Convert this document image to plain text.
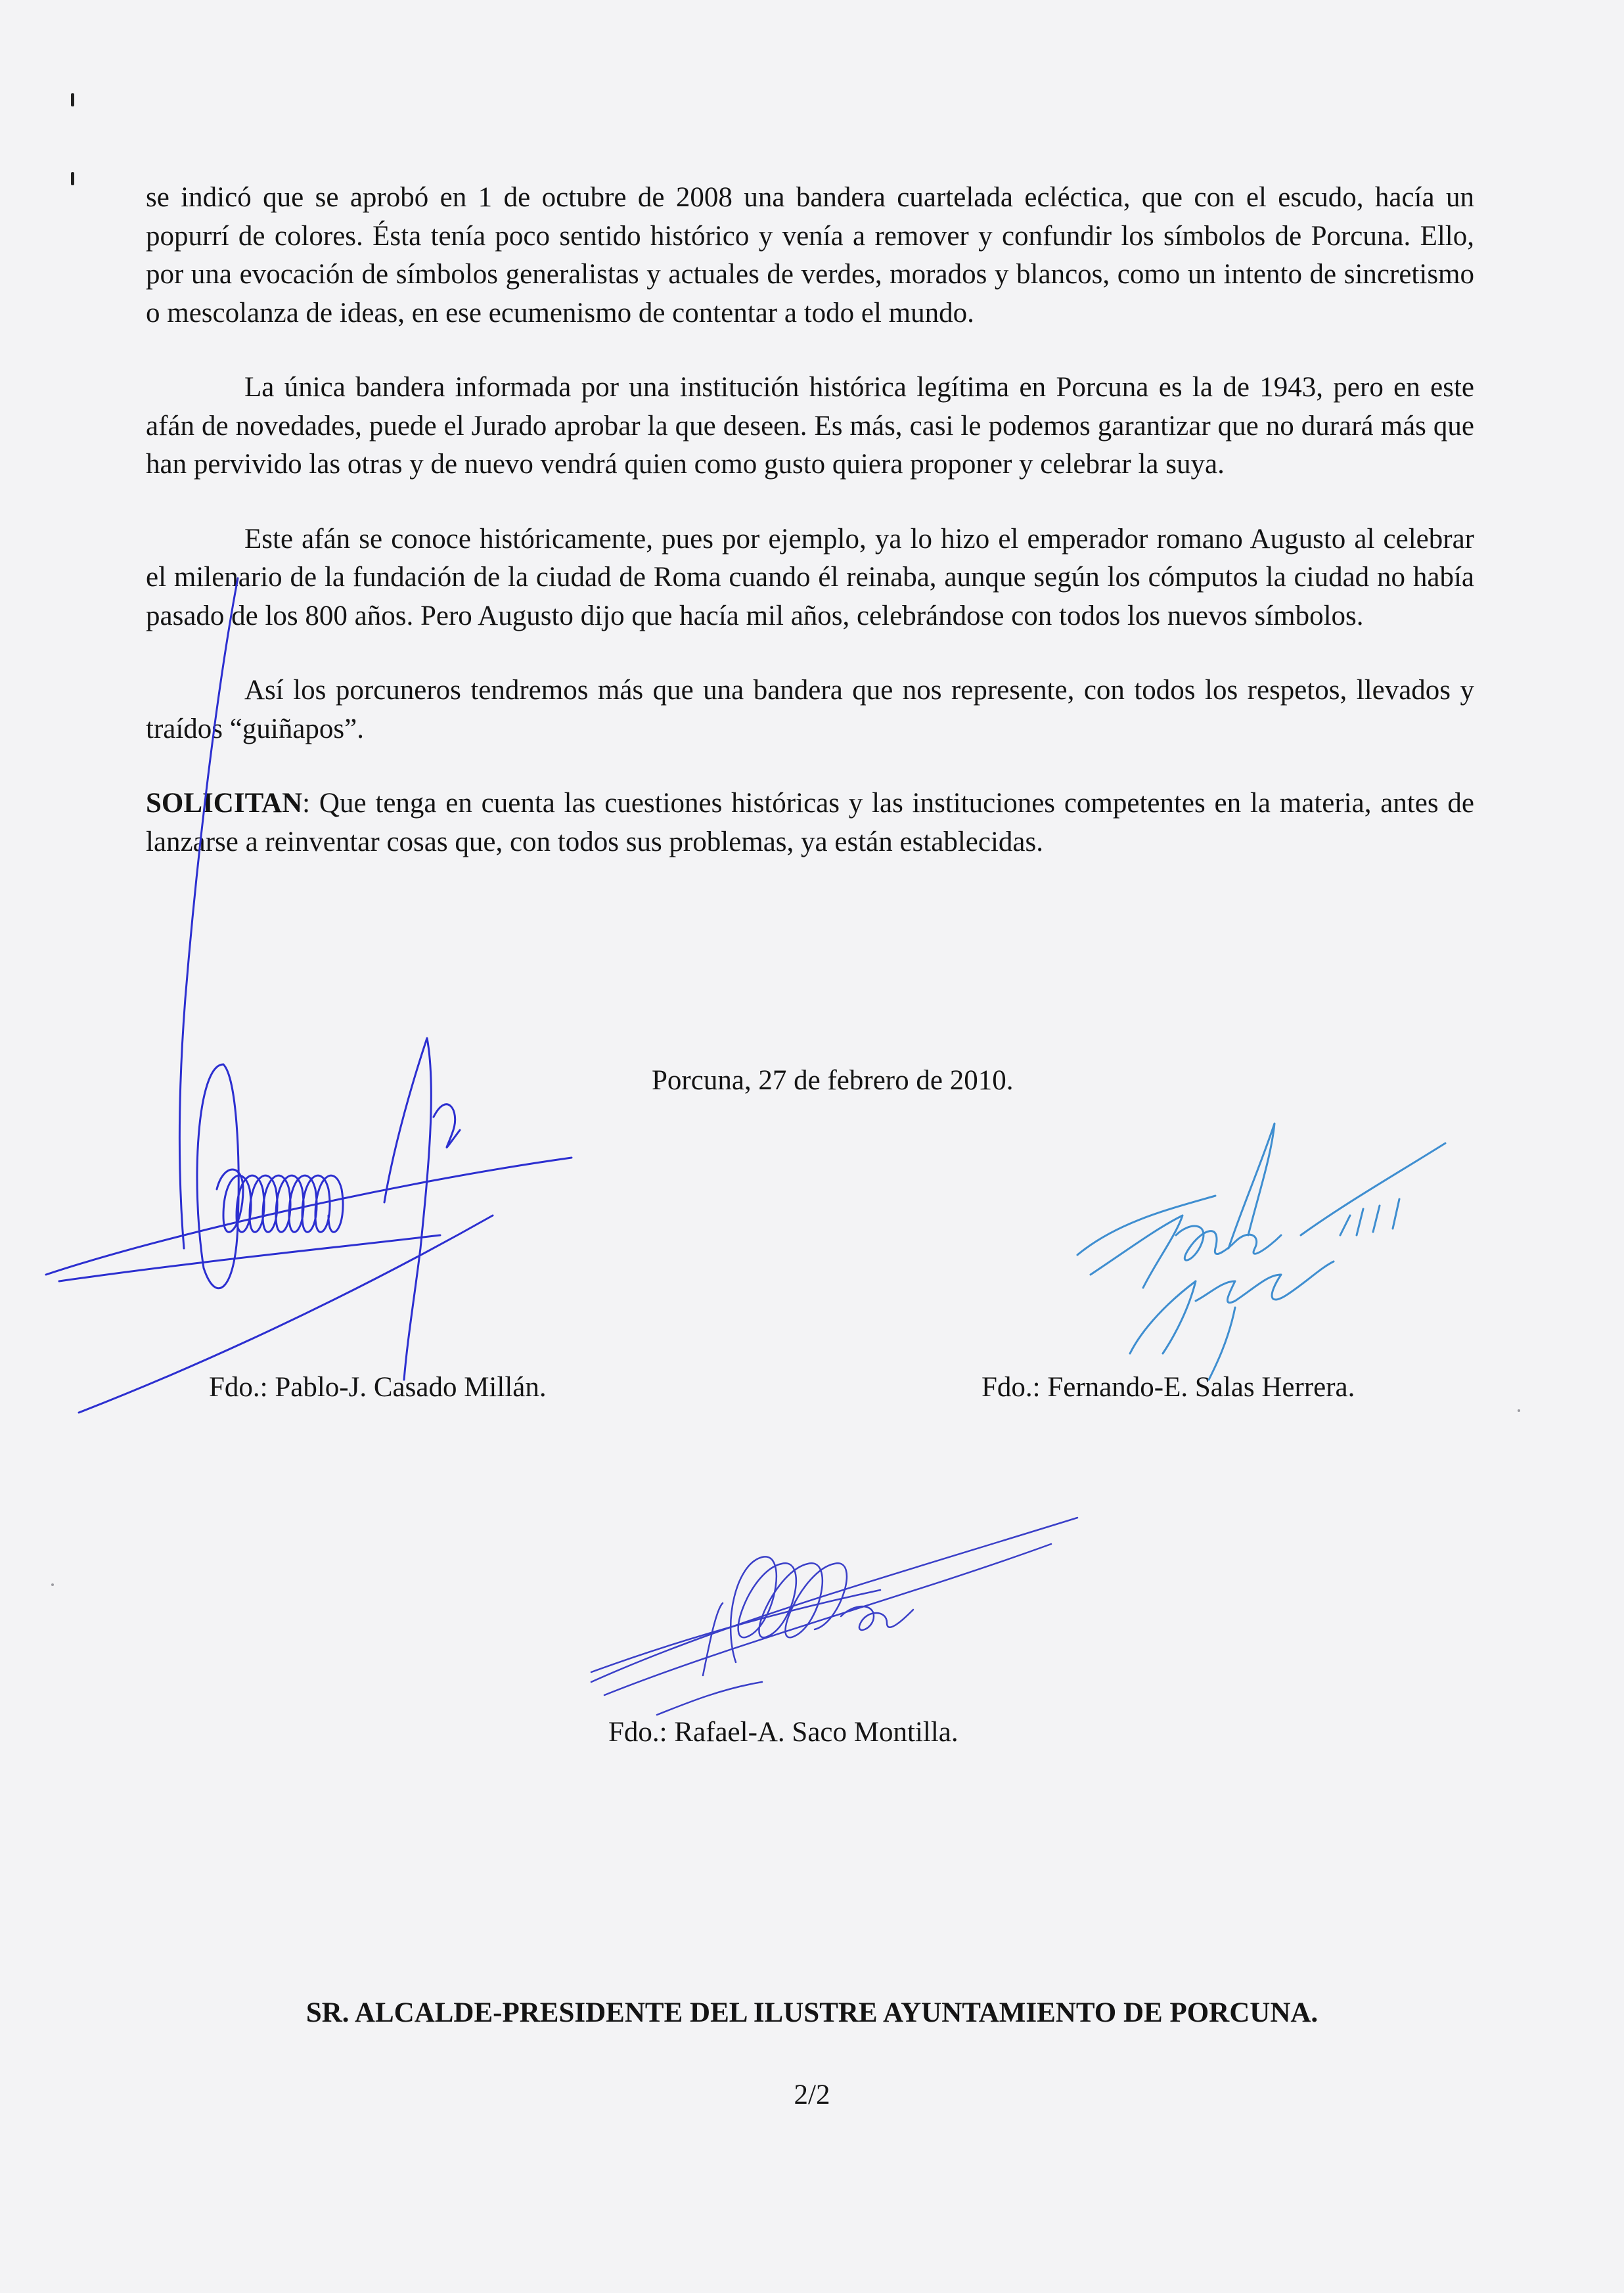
se indicó que se aprobó en 1 de octubre de 2008 una bandera cuartelada ecléctica, que con el escudo, hacía un popurrí de colores. Ésta tenía poco sentido histórico y venía a remover y confundir los símbolos de Porcuna. Ello, por una evocación de símbolos generalistas y actuales de verdes, morados y blancos, como un intento de sincretismo o mescolanza de ideas, en ese ecumenismo de contentar a todo el mundo.

La única bandera informada por una institución histórica legítima en Porcuna es la de 1943, pero en este afán de novedades, puede el Jurado aprobar la que deseen. Es más, casi le podemos garantizar que no durará más que han pervivido las otras y de nuevo vendrá quien como gusto quiera proponer y celebrar la suya.

Este afán se conoce históricamente, pues por ejemplo, ya lo hizo el emperador romano Augusto al celebrar el milenario de la fundación de la ciudad de Roma cuando él reinaba, aunque según los cómputos la ciudad no había pasado de los 800 años. Pero Augusto dijo que hacía mil años, celebrándose con todos los nuevos símbolos.

Así los porcuneros tendremos más que una bandera que nos represente, con todos los respetos, llevados y traídos “guiñapos”.

SOLICITAN: Que tenga en cuenta las cuestiones históricas y las instituciones competentes en la materia, antes de lanzarse a reinventar cosas que, con todos sus problemas, ya están establecidas.

Porcuna, 27 de febrero de 2010.
Fdo.: Pablo-J. Casado Millán.	Fdo.: Fernando-E. Salas Herrera.
Fdo.: Rafael-A. Saco Montilla.
SR. ALCALDE-PRESIDENTE DEL ILUSTRE AYUNTAMIENTO DE PORCUNA.
2/2
